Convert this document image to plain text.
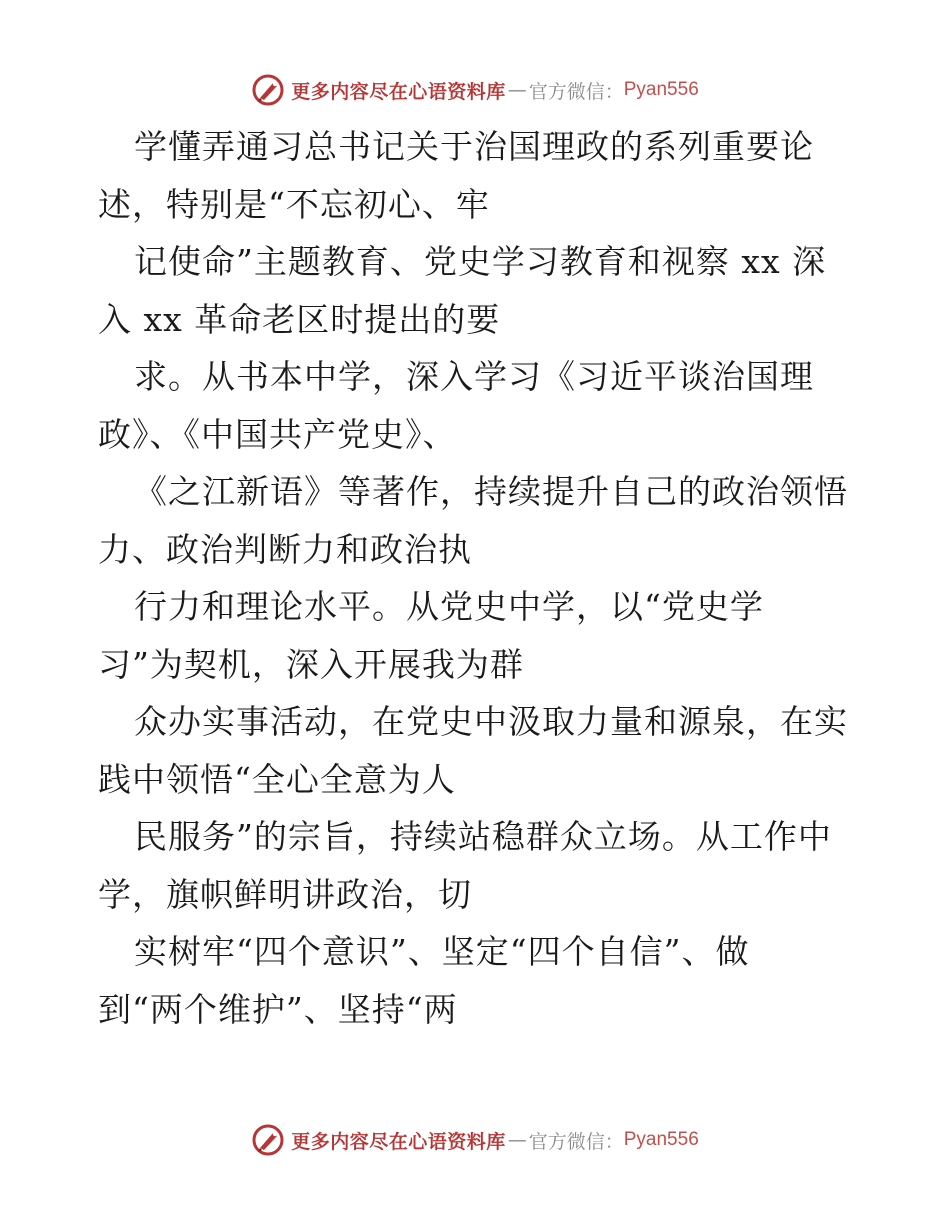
更多内容尽在心语资料库 — 官方微信： Pyan556
学懂弄通习总书记关于治国理政的系列重要论
述，特别是“不忘初心、牢
记使命”主题教育、党史学习教育和视察 xx 深
入 xx 革命老区时提出的要
求。从书本中学，深入学习《习近平谈治国理
政》、《中国共产党史》、
《之江新语》等著作，持续提升自己的政治领悟
力、政治判断力和政治执
行力和理论水平。从党史中学，以“党史学
习”为契机，深入开展我为群
众办实事活动，在党史中汲取力量和源泉，在实
践中领悟“全心全意为人
民服务”的宗旨，持续站稳群众立场。从工作中
学，旗帜鲜明讲政治，切
实树牢“四个意识”、坚定“四个自信”、做
到“两个维护”、坚持“两
更多内容尽在心语资料库 — 官方微信： Pyan556
